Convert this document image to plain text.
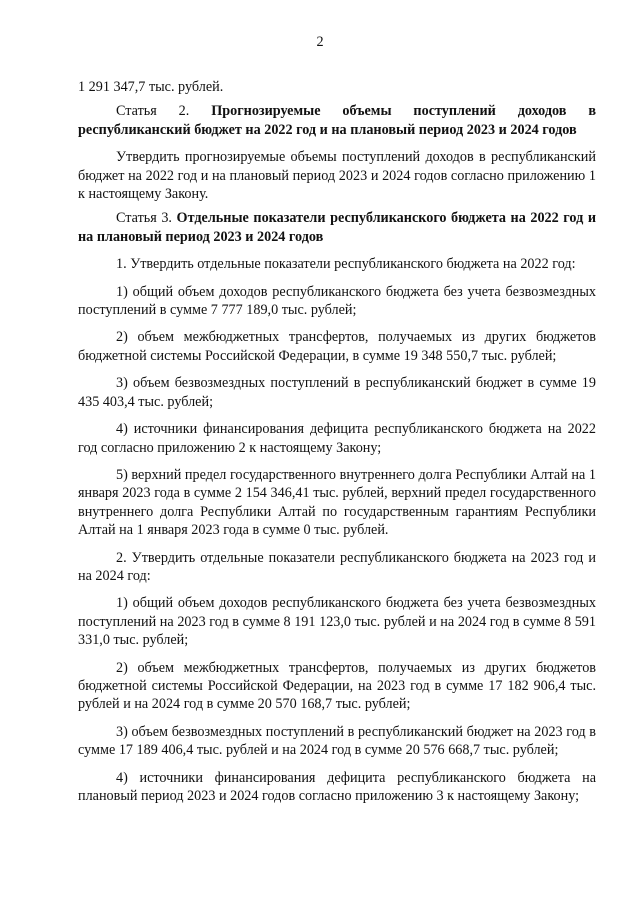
2

1 291 347,7 тыс. рублей.

Статья 2. Прогнозируемые объемы поступлений доходов в республиканский бюджет на 2022 год и на плановый период 2023 и 2024 годов

Утвердить прогнозируемые объемы поступлений доходов в республиканский бюджет на 2022 год и на плановый период 2023 и 2024 годов согласно приложению 1 к настоящему Закону.

Статья 3. Отдельные показатели республиканского бюджета на 2022 год и на плановый период 2023 и 2024 годов

1. Утвердить отдельные показатели республиканского бюджета на 2022 год:

1) общий объем доходов республиканского бюджета без учета безвозмездных поступлений в сумме 7 777 189,0 тыс. рублей;

2) объем межбюджетных трансфертов, получаемых из других бюджетов бюджетной системы Российской Федерации, в сумме 19 348 550,7 тыс. рублей;

3) объем безвозмездных поступлений в республиканский бюджет в сумме 19 435 403,4 тыс. рублей;

4) источники финансирования дефицита республиканского бюджета на 2022 год согласно приложению 2 к настоящему Закону;

5) верхний предел государственного внутреннего долга Республики Алтай на 1 января 2023 года в сумме 2 154 346,41 тыс. рублей, верхний предел государственного внутреннего долга Республики Алтай по государственным гарантиям Республики Алтай на 1 января 2023 года в сумме 0 тыс. рублей.

2. Утвердить отдельные показатели республиканского бюджета на 2023 год и на 2024 год:

1) общий объем доходов республиканского бюджета без учета безвозмездных поступлений на 2023 год в сумме 8 191 123,0 тыс. рублей и на 2024 год в сумме 8 591 331,0 тыс. рублей;

2) объем межбюджетных трансфертов, получаемых из других бюджетов бюджетной системы Российской Федерации, на 2023 год в сумме 17 182 906,4 тыс. рублей и на 2024 год в сумме 20 570 168,7 тыс. рублей;

3) объем безвозмездных поступлений в республиканский бюджет на 2023 год в сумме 17 189 406,4 тыс. рублей и на 2024 год в сумме 20 576 668,7 тыс. рублей;

4) источники финансирования дефицита республиканского бюджета на плановый период 2023 и 2024 годов согласно приложению 3 к настоящему Закону;
